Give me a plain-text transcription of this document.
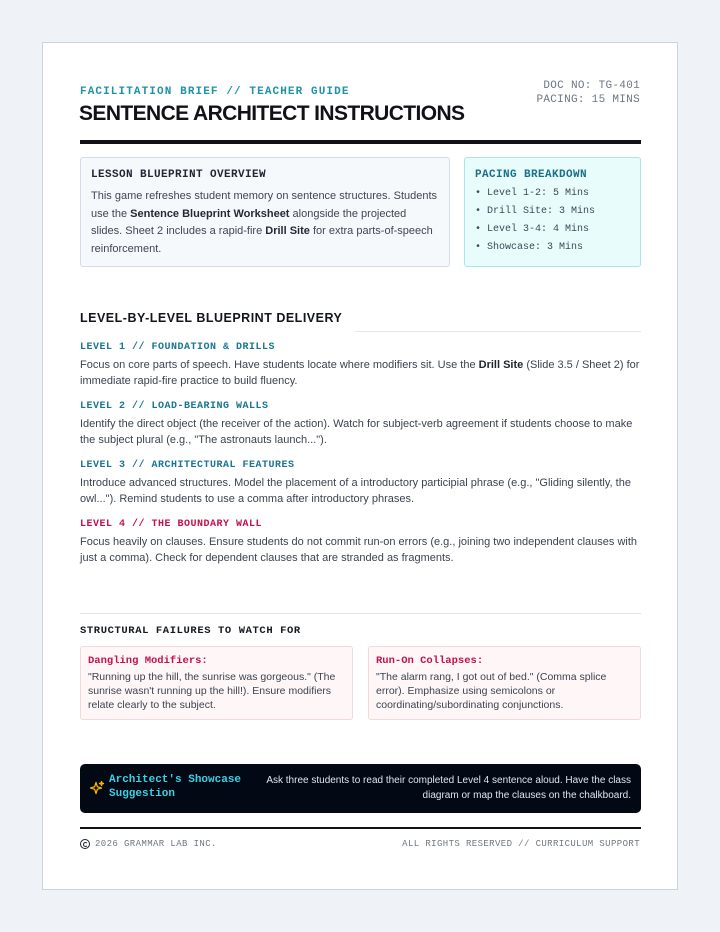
FACILITATION BRIEF // TEACHER GUIDE
SENTENCE ARCHITECT INSTRUCTIONS
DOC NO: TG-401
PACING: 15 MINS
LESSON BLUEPRINT OVERVIEW
This game refreshes student memory on sentence structures. Students use the Sentence Blueprint Worksheet alongside the projected slides. Sheet 2 includes a rapid-fire Drill Site for extra parts-of-speech reinforcement.
PACING BREAKDOWN
• Level 1-2: 5 Mins
• Drill Site: 3 Mins
• Level 3-4: 4 Mins
• Showcase: 3 Mins
LEVEL-BY-LEVEL BLUEPRINT DELIVERY
LEVEL 1 // FOUNDATION & DRILLS
Focus on core parts of speech. Have students locate where modifiers sit. Use the Drill Site (Slide 3.5 / Sheet 2) for immediate rapid-fire practice to build fluency.
LEVEL 2 // LOAD-BEARING WALLS
Identify the direct object (the receiver of the action). Watch for subject-verb agreement if students choose to make the subject plural (e.g., "The astronauts launch...").
LEVEL 3 // ARCHITECTURAL FEATURES
Introduce advanced structures. Model the placement of a introductory participial phrase (e.g., "Gliding silently, the owl..."). Remind students to use a comma after introductory phrases.
LEVEL 4 // THE BOUNDARY WALL
Focus heavily on clauses. Ensure students do not commit run-on errors (e.g., joining two independent clauses with just a comma). Check for dependent clauses that are stranded as fragments.
STRUCTURAL FAILURES TO WATCH FOR
Dangling Modifiers:
"Running up the hill, the sunrise was gorgeous." (The sunrise wasn't running up the hill!). Ensure modifiers relate clearly to the subject.
Run-On Collapses:
"The alarm rang, I got out of bed." (Comma splice error). Emphasize using semicolons or coordinating/subordinating conjunctions.
Architect's Showcase
Suggestion
Ask three students to read their completed Level 4 sentence aloud. Have the class diagram or map the clauses on the chalkboard.
2026 GRAMMAR LAB INC.	ALL RIGHTS RESERVED // CURRICULUM SUPPORT
